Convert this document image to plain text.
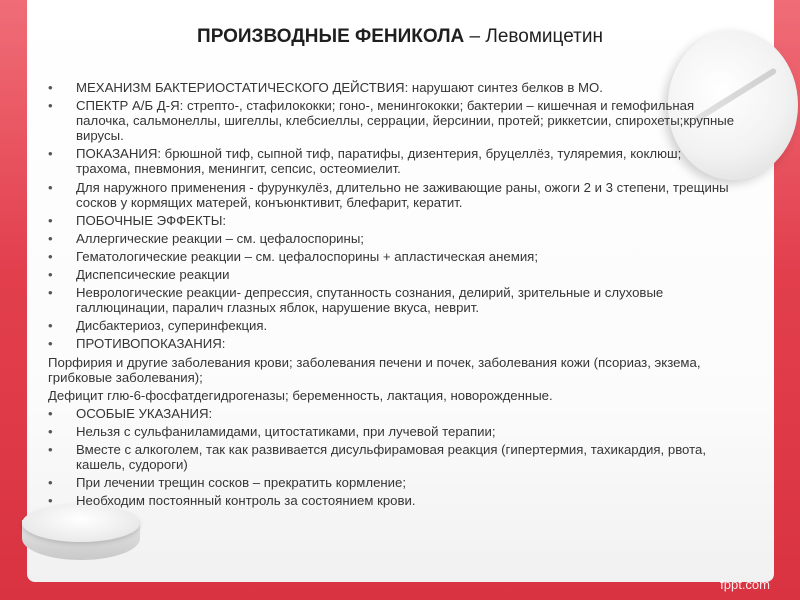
ПРОИЗВОДНЫЕ ФЕНИКОЛА – Левомицетин
• МЕХАНИЗМ БАКТЕРИОСТАТИЧЕСКОГО ДЕЙСТВИЯ: нарушают синтез белков в МО.
• СПЕКТР А/Б Д-Я: стрепто-, стафилококки; гоно-, менингококки; бактерии – кишечная и гемофильная палочка, сальмонеллы, шигеллы, клебсиеллы, серрации, йерсинии, протей; риккетсии, спирохеты;крупные вирусы.
• ПОКАЗАНИЯ: брюшной тиф, сыпной тиф, паратифы, дизентерия, бруцеллёз, туляремия, коклюш; трахома, пневмония, менингит, сепсис, остеомиелит.
• Для наружного применения - фурункулёз, длительно не заживающие раны, ожоги 2 и 3 степени, трещины сосков у кормящих матерей, конъюнктивит, блефарит, кератит.
• ПОБОЧНЫЕ ЭФФЕКТЫ:
• Аллергические реакции – см. цефалоспорины;
• Гематологические реакции – см. цефалоспорины + апластическая анемия;
• Диспепсические реакции
• Неврологические реакции- депрессия, спутанность сознания, делирий, зрительные и слуховые галлюцинации, паралич глазных яблок, нарушение вкуса, неврит.
• Дисбактериоз, суперинфекция.
• ПРОТИВОПОКАЗАНИЯ:
Порфирия и другие заболевания крови; заболевания печени и почек, заболевания кожи (псориаз, экзема, грибковые заболевания);
Дефицит глю-6-фосфатдегидрогеназы; беременность, лактация, новорожденные.
• ОСОБЫЕ УКАЗАНИЯ:
• Нельзя с сульфаниламидами, цитостатиками, при лучевой терапии;
• Вместе с алкоголем, так как развивается дисульфирамовая реакция (гипертермия, тахикардия, рвота, кашель, судороги)
• При лечении трещин сосков – прекратить кормление;
• Необходим постоянный контроль за состоянием крови.
fppt.com
